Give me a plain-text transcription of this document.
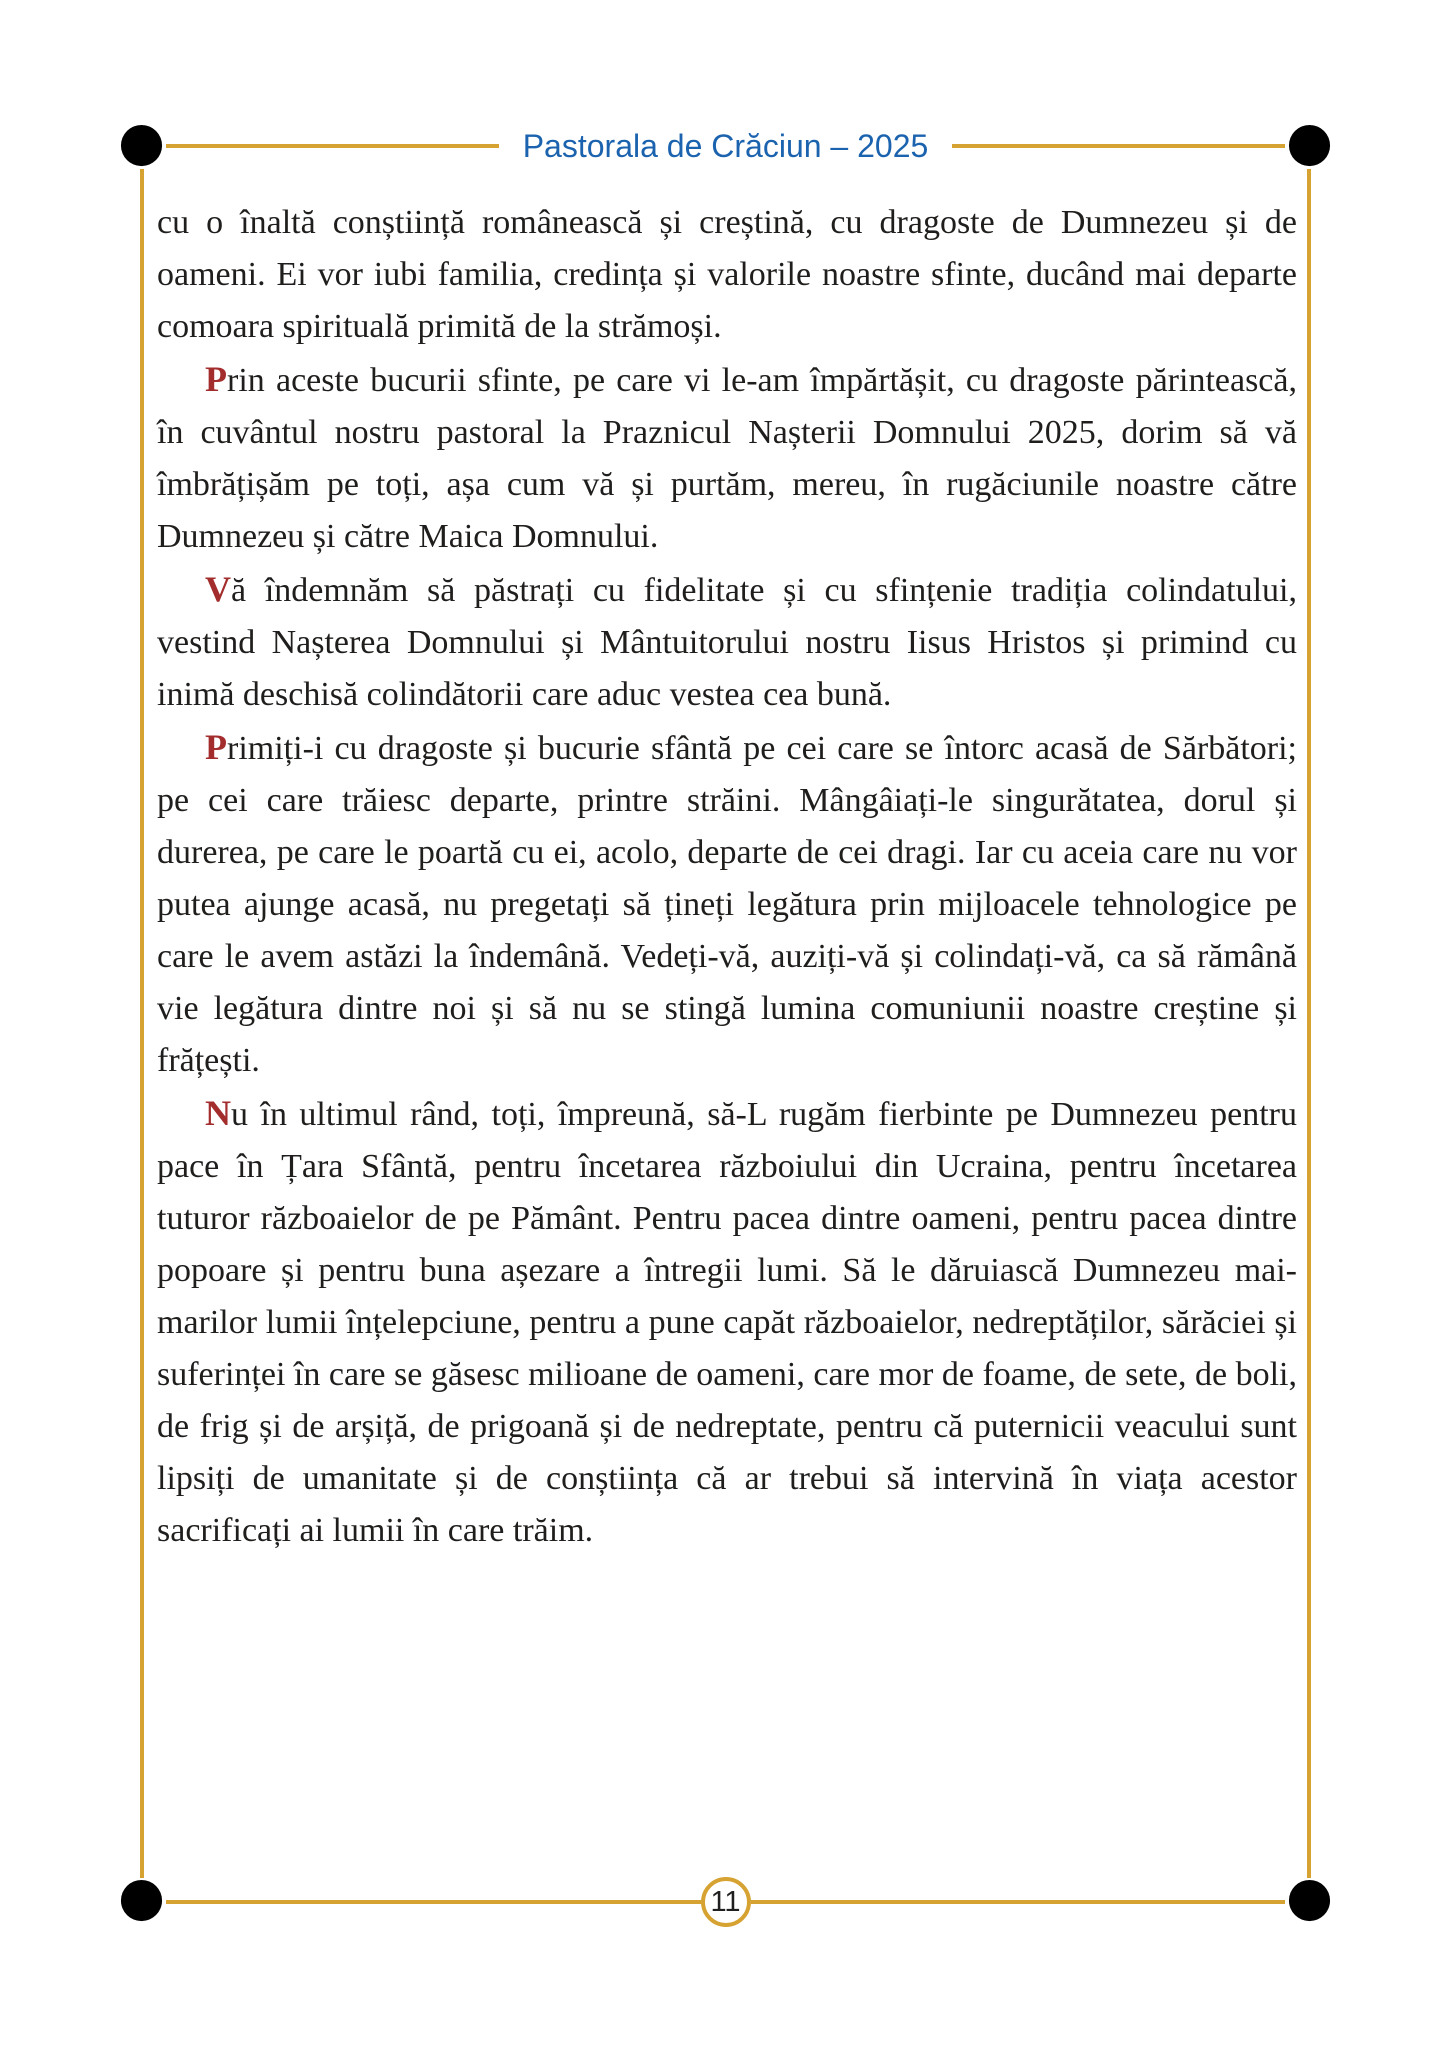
Pastorala de Crăciun – 2025

cu o înaltă conștiință românească și creștină, cu dragoste de Dumnezeu și de oameni. Ei vor iubi familia, credința și valorile noastre sfinte, ducând mai departe comoara spirituală primită de la strămoși.

Prin aceste bucurii sfinte, pe care vi le-am împărtășit, cu dragoste părintească, în cuvântul nostru pastoral la Praznicul Nașterii Domnului 2025, dorim să vă îmbrățișăm pe toți, așa cum vă și purtăm, mereu, în rugăciunile noastre către Dumnezeu și către Maica Domnului.

Vă îndemnăm să păstrați cu fidelitate și cu sfințenie tradiția colindatului, vestind Nașterea Domnului și Mântuitorului nostru Iisus Hristos și primind cu inimă deschisă colindătorii care aduc vestea cea bună.

Primiți-i cu dragoste și bucurie sfântă pe cei care se întorc acasă de Sărbători; pe cei care trăiesc departe, printre străini. Mângâiați-le singurătatea, dorul și durerea, pe care le poartă cu ei, acolo, departe de cei dragi. Iar cu aceia care nu vor putea ajunge acasă, nu pregetați să țineți legătura prin mijloacele tehnologice pe care le avem astăzi la îndemână. Vedeți-vă, auziți-vă și colindați-vă, ca să rămână vie legătura dintre noi și să nu se stingă lumina comuniunii noastre creștine și frățești.

Nu în ultimul rând, toți, împreună, să-L rugăm fierbinte pe Dumnezeu pentru pace în Țara Sfântă, pentru încetarea războiului din Ucraina, pentru încetarea tuturor războaielor de pe Pământ. Pentru pacea dintre oameni, pentru pacea dintre popoare și pentru buna așezare a întregii lumi. Să le dăruiască Dumnezeu mai-marilor lumii înțelepciune, pentru a pune capăt războaielor, nedreptăților, sărăciei și suferinței în care se găsesc milioane de oameni, care mor de foame, de sete, de boli, de frig și de arșiță, de prigoană și de nedreptate, pentru că puternicii veacului sunt lipsiți de umanitate și de conștiința că ar trebui să intervină în viața acestor sacrificați ai lumii în care trăim.

11
